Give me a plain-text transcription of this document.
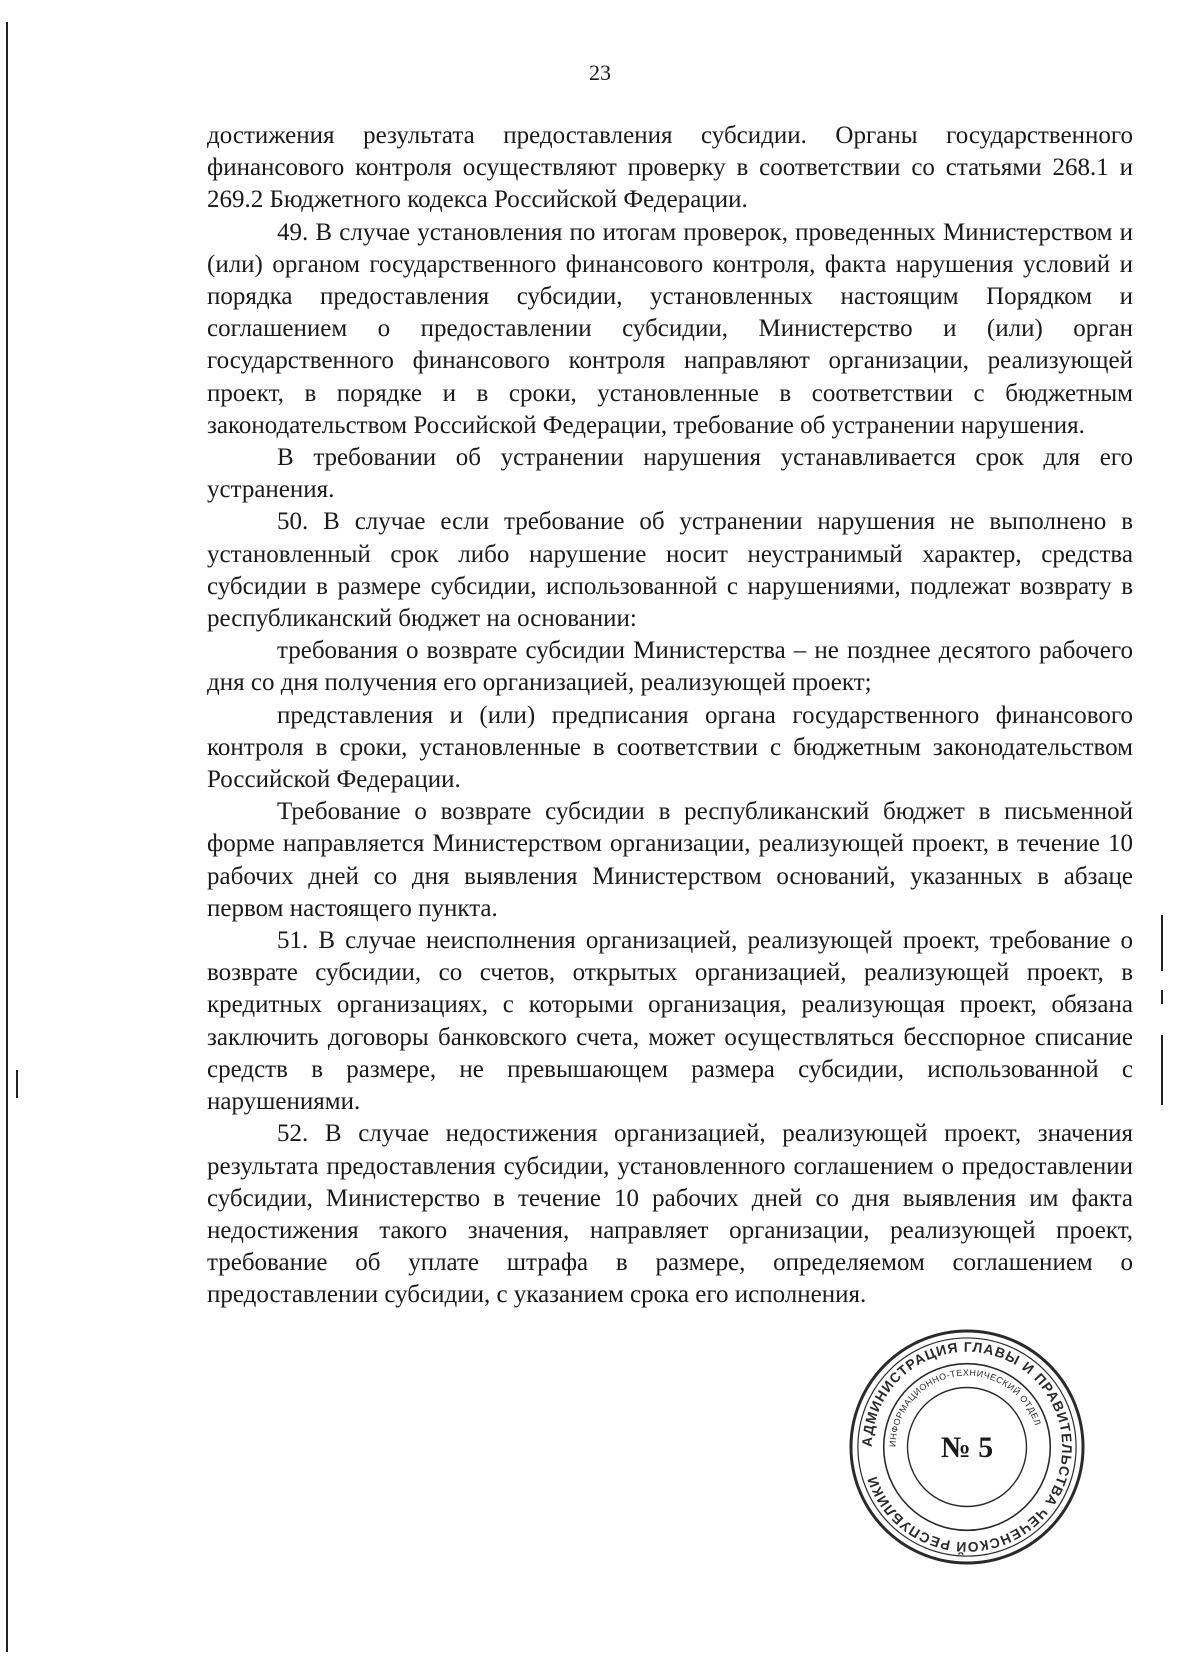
23

достижения результата предоставления субсидии. Органы государственного финансового контроля осуществляют проверку в соответствии со статьями 268.1 и 269.2 Бюджетного кодекса Российской Федерации.

49. В случае установления по итогам проверок, проведенных Министерством и (или) органом государственного финансового контроля, факта нарушения условий и порядка предоставления субсидии, установленных настоящим Порядком и соглашением о предоставлении субсидии, Министерство и (или) орган государственного финансового контроля направляют организации, реализующей проект, в порядке и в сроки, установленные в соответствии с бюджетным законодательством Российской Федерации, требование об устранении нарушения.

В требовании об устранении нарушения устанавливается срок для его устранения.

50. В случае если требование об устранении нарушения не выполнено в установленный срок либо нарушение носит неустранимый характер, средства субсидии в размере субсидии, использованной с нарушениями, подлежат возврату в республиканский бюджет на основании:

требования о возврате субсидии Министерства – не позднее десятого рабочего дня со дня получения его организацией, реализующей проект;

представления и (или) предписания органа государственного финансового контроля в сроки, установленные в соответствии с бюджетным законодательством Российской Федерации.

Требование о возврате субсидии в республиканский бюджет в письменной форме направляется Министерством организации, реализующей проект, в течение 10 рабочих дней со дня выявления Министерством оснований, указанных в абзаце первом настоящего пункта.

51. В случае неисполнения организацией, реализующей проект, требование о возврате субсидии, со счетов, открытых организацией, реализующей проект, в кредитных организациях, с которыми организация, реализующая проект, обязана заключить договоры банковского счета, может осуществляться бесспорное списание средств в размере, не превышающем размера субсидии, использованной с нарушениями.

52. В случае недостижения организацией, реализующей проект, значения результата предоставления субсидии, установленного соглашением о предоставлении субсидии, Министерство в течение 10 рабочих дней со дня выявления им факта недостижения такого значения, направляет организации, реализующей проект, требование об уплате штрафа в размере, определяемом соглашением о предоставлении субсидии, с указанием срока его исполнения.

АДМИНИСТРАЦИЯ ГЛАВЫ И ПРАВИТЕЛЬСТВА ЧЕЧЕНСКОЙ РЕСПУБЛИКИ
ИНФОРМАЦИОННО-ТЕХНИЧЕСКИЙ ОТДЕЛ
№ 5
